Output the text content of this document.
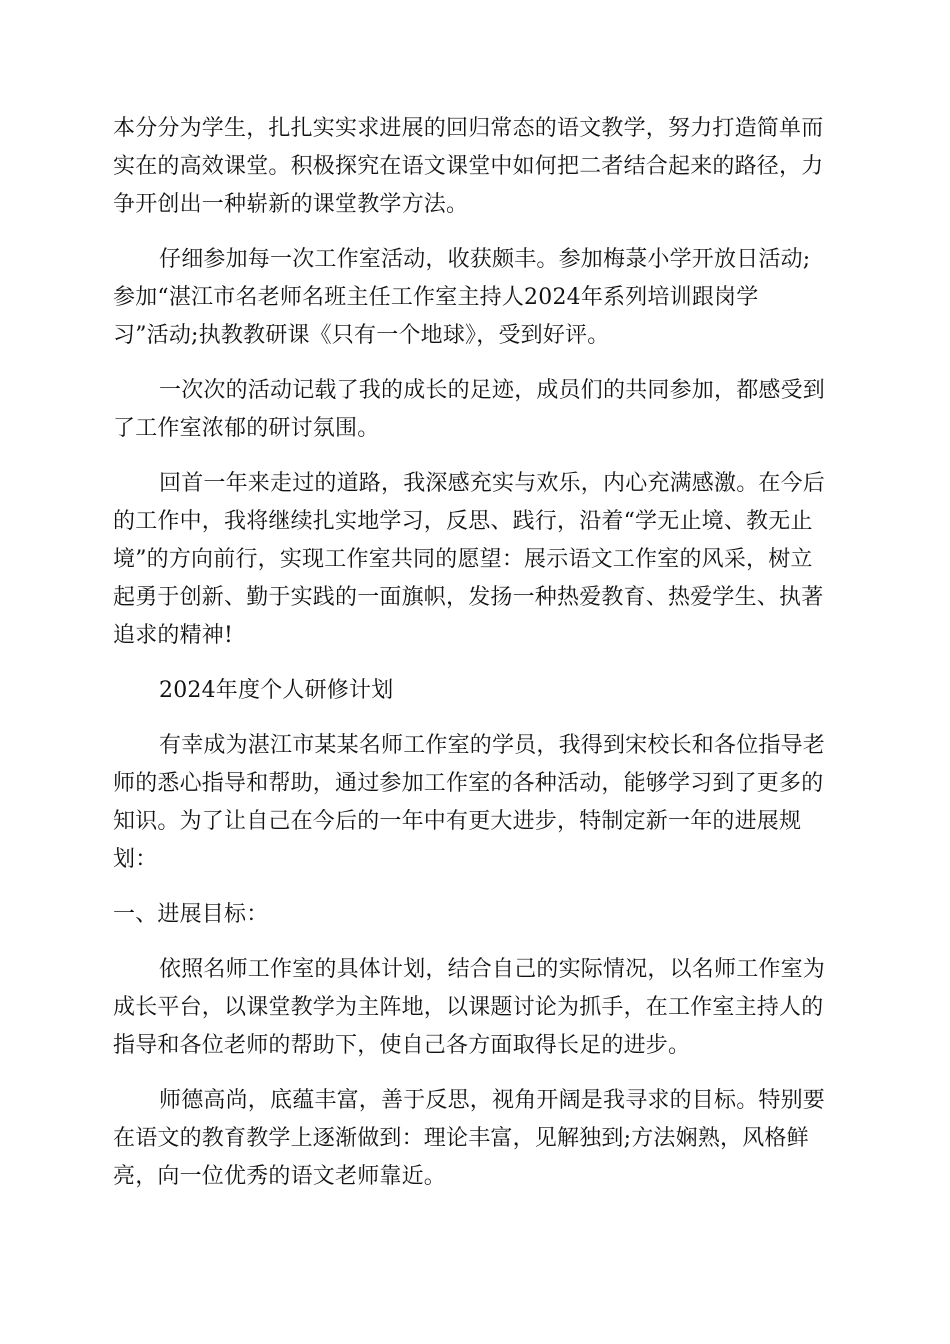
本分分为学生，扎扎实实求进展的回归常态的语文教学，努力打造简单而
实在的高效课堂。积极探究在语文课堂中如何把二者结合起来的路径，力
争开创出一种崭新的课堂教学方法。
仔细参加每一次工作室活动，收获颇丰。参加梅菉小学开放日活动;
参加“湛江市名老师名班主任工作室主持人2024年系列培训跟岗学
习”活动;执教教研课《只有一个地球》，受到好评。
一次次的活动记载了我的成长的足迹，成员们的共同参加，都感受到
了工作室浓郁的研讨氛围。
回首一年来走过的道路，我深感充实与欢乐，内心充满感激。在今后
的工作中，我将继续扎实地学习，反思、践行，沿着“学无止境、教无止
境”的方向前行，实现工作室共同的愿望：展示语文工作室的风采，树立
起勇于创新、勤于实践的一面旗帜，发扬一种热爱教育、热爱学生、执著
追求的精神!
2024年度个人研修计划
有幸成为湛江市某某名师工作室的学员，我得到宋校长和各位指导老
师的悉心指导和帮助，通过参加工作室的各种活动，能够学习到了更多的
知识。为了让自己在今后的一年中有更大进步，特制定新一年的进展规
划：
一、进展目标：
依照名师工作室的具体计划，结合自己的实际情况，以名师工作室为
成长平台，以课堂教学为主阵地，以课题讨论为抓手，在工作室主持人的
指导和各位老师的帮助下，使自己各方面取得长足的进步。
师德高尚，底蕴丰富，善于反思，视角开阔是我寻求的目标。特别要
在语文的教育教学上逐渐做到：理论丰富，见解独到;方法娴熟，风格鲜
亮，向一位优秀的语文老师靠近。
